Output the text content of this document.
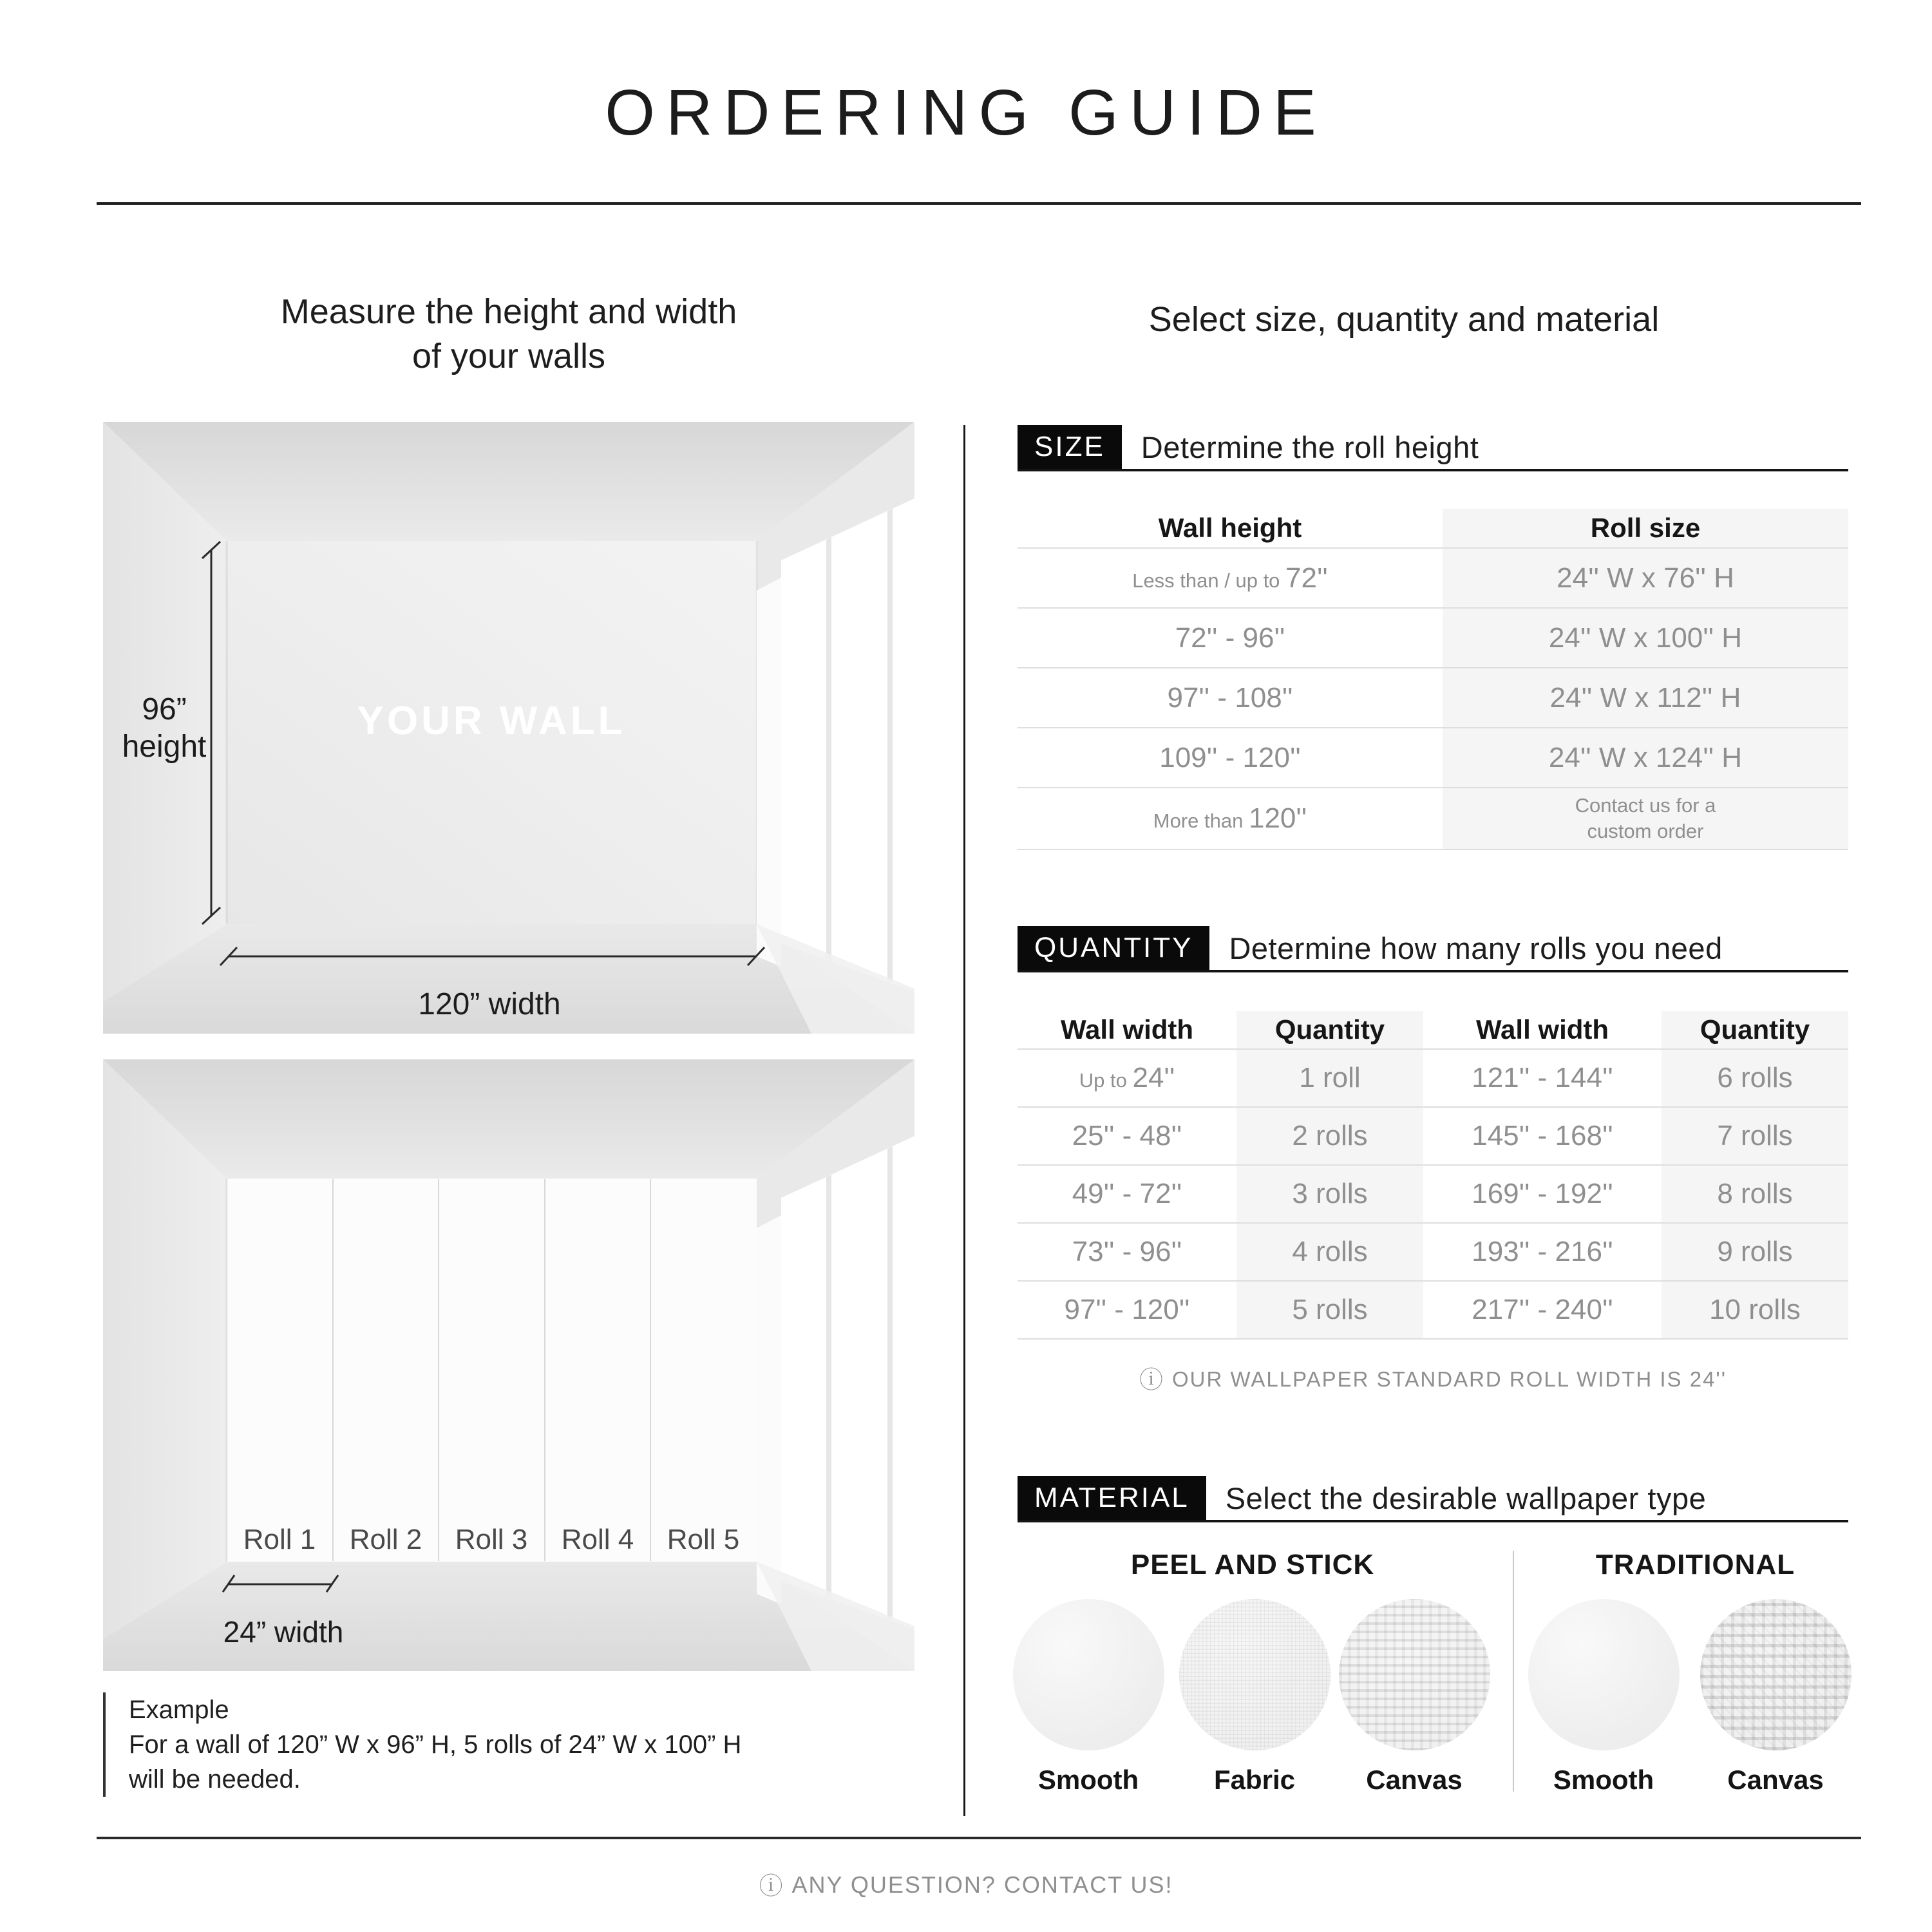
ORDERING GUIDE
Measure the height and width
of your walls
96”
height
120” width
YOUR WALL
Roll 1 Roll 2 Roll 3 Roll 4 Roll 5
24” width
Example
For a wall of 120” W x 96” H, 5 rolls of 24” W x 100” H
will be needed.
Select size, quantity and material
SIZE	Determine the roll height
Wall height	Roll size
Less than / up to 72''	24'' W x 76'' H
72'' - 96''	24'' W x 100'' H
97'' - 108''	24'' W x 112'' H
109'' - 120''	24'' W x 124'' H
More than 120''	Contact us for a
custom order
QUANTITY	Determine how many rolls you need
Wall width	Quantity	Wall width	Quantity
Up to 24''	1 roll	121'' - 144''	6 rolls
25'' - 48''	2 rolls	145'' - 168''	7 rolls
49'' - 72''	3 rolls	169'' - 192''	8 rolls
73'' - 96''	4 rolls	193'' - 216''	9 rolls
97'' - 120''	5 rolls	217'' - 240''	10 rolls
ⓘ OUR WALLPAPER STANDARD ROLL WIDTH IS 24''
MATERIAL	Select the desirable wallpaper type
PEEL AND STICK	TRADITIONAL
Smooth	Fabric	Canvas	Smooth	Canvas
ⓘ ANY QUESTION? CONTACT US!
